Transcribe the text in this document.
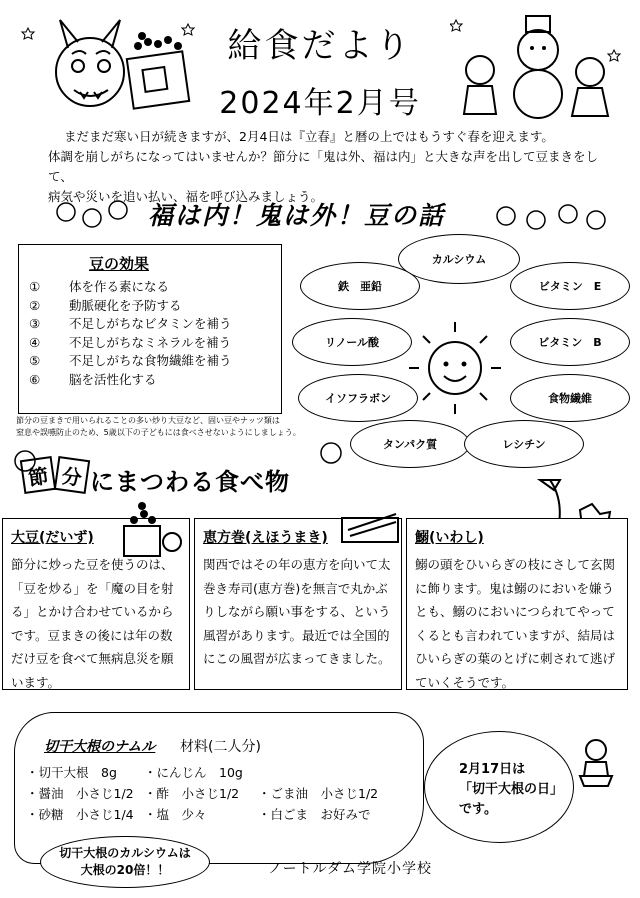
給食だより
2024年2月号

まだまだ寒い日が続きますが、2月4日は『立春』と暦の上ではもうすぐ春を迎えます。

体調を崩しがちになってはいませんか？節分に「鬼は外、福は内」と大きな声を出して豆まきをして、

病気や災いを追い払い、福を呼び込みましょう。

福は内！鬼は外！豆の話
豆の効果
① 体を作る素になる
② 動脈硬化を予防する
③ 不足しがちなビタミンを補う
④ 不足しがちなミネラルを補う
⑤ 不足しがちな食物繊維を補う
⑥ 脳を活性化する
節分の豆まきで用いられることの多い炒り大豆など、固い豆やナッツ類は
窒息や誤嚥防止のため、5歳以下の子どもには食べさせないようにしましょう。
カルシウム
鉄　亜鉛	ビタミン　E
リノール酸	ビタミン　B
イソフラボン	食物繊維
タンパク質	レシチン
節 分 にまつわる食べ物
大豆(だいず)

節分に炒った豆を使うのは、「豆を炒る」を「魔の目を射る」とかけ合わせているからです。豆まきの後には年の数だけ豆を食べて無病息災を願います。

恵方巻(えほうまき)

関西ではその年の恵方を向いて太巻き寿司(恵方巻)を無言で丸かぶりしながら願い事をする、という風習があります。最近では全国的にこの風習が広まってきました。

鰯(いわし)

鰯の頭をひいらぎの枝にさして玄関に飾ります。鬼は鰯のにおいを嫌うとも、鰯のにおいにつられてやってくるとも言われていますが、結局はひいらぎの葉のとげに刺されて逃げていくそうです。

切干大根のナムル 材料(二人分)
・切干大根　8g
・醤油　小さじ1/2
・砂糖　小さじ1/4
・にんじん　10g
・酢　小さじ1/2
・塩　少々
・ごま油　小さじ1/2
・白ごま　お好みで
切干大根のカルシウムは
大根の20倍！！
2月17日は
「切干大根の日」
です。
ノートルダム学院小学校
